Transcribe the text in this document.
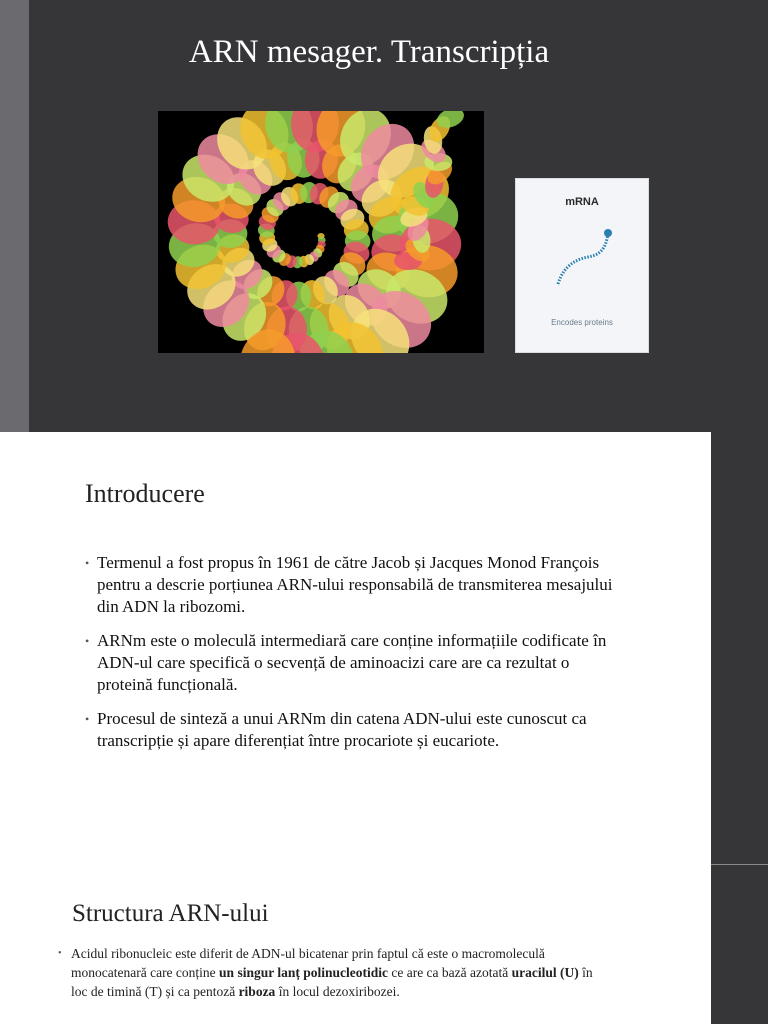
ARN mesager. Transcripția
mRNA
Encodes proteins
Introducere
• Termenul a fost propus în 1961 de către Jacob și Jacques Monod François pentru a descrie porțiunea ARN-ului responsabilă de transmiterea mesajului din ADN la ribozomi.
• ARNm este o moleculă intermediară care conține informațiile codificate în ADN-ul care specifică o secvență de aminoacizi care are ca rezultat o proteină funcțională.
• Procesul de sinteză a unui ARNm din catena ADN-ului este cunoscut ca transcripție și apare diferențiat între procariote și eucariote.
Structura ARN-ului
• Acidul ribonucleic este diferit de ADN-ul bicatenar prin faptul că este o macromoleculă monocatenară care conține un singur lanț polinucleotidic ce are ca bază azotată uracilul (U) în loc de timină (T) și ca pentoză riboza în locul dezoxiribozei.
